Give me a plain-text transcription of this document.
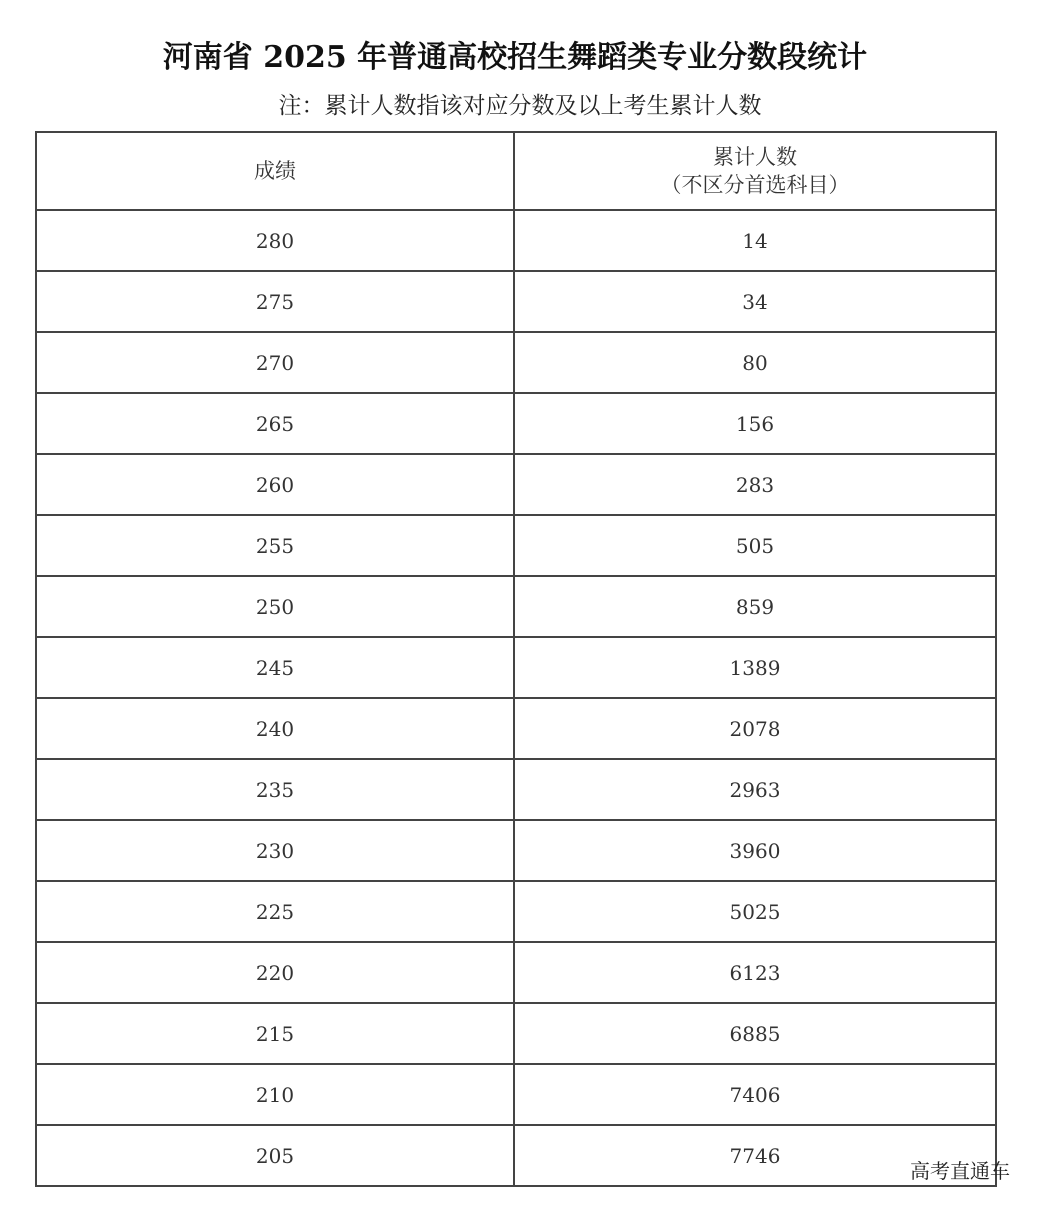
河南省 2025 年普通高校招生舞蹈类专业分数段统计
注：累计人数指该对应分数及以上考生累计人数
成绩	累计人数
（不区分首选科目）
280	14
275	34
270	80
265	156
260	283
255	505
250	859
245	1389
240	2078
235	2963
230	3960
225	5025
220	6123
215	6885
210	7406
205	7746
高考直通车
